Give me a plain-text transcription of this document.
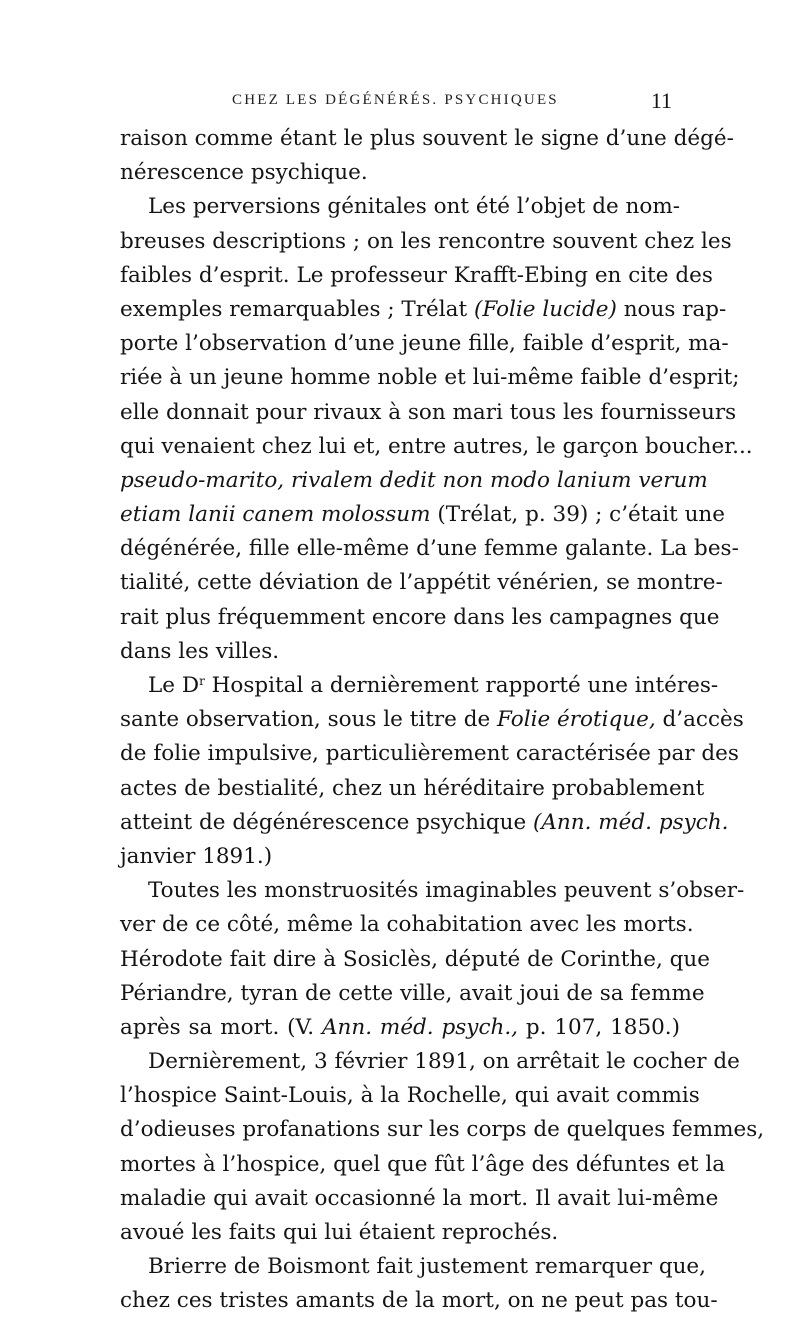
CHEZ LES DÉGÉNÉRÉS. PSYCHIQUES	11
raison comme étant le plus souvent le signe d’une dégé-
nérescence psychique.
Les perversions génitales ont été l’objet de nom-
breuses descriptions ; on les rencontre souvent chez les
faibles d’esprit. Le professeur Krafft-Ebing en cite des
exemples remarquables ; Trélat (Folie lucide) nous rap-
porte l’observation d’une jeune fille, faible d’esprit, ma-
riée à un jeune homme noble et lui-même faible d’esprit;
elle donnait pour rivaux à son mari tous les fournisseurs
qui venaient chez lui et, entre autres, le garçon boucher...
pseudo-marito, rivalem dedit non modo lanium verum
etiam lanii canem molossum (Trélat, p. 39) ; c’était une
dégénérée, fille elle-même d’une femme galante. La bes-
tialité, cette déviation de l’appétit vénérien, se montre-
rait plus fréquemment encore dans les campagnes que
dans les villes.
Le $D^r$ Hospital a dernièrement rapporté une intéres-
sante observation, sous le titre de Folie érotique, d’accès
de folie impulsive, particulièrement caractérisée par des
actes de bestialité, chez un héréditaire probablement
atteint de dégénérescence psychique (Ann. méd. psych.
janvier 1891.)
Toutes les monstruosités imaginables peuvent s’obser-
ver de ce côté, même la cohabitation avec les morts.
Hérodote fait dire à Sosiclès, député de Corinthe, que
Périandre, tyran de cette ville, avait joui de sa femme
après sa mort. (V. Ann. méd. psych., p. 107, 1850.)
Dernièrement, 3 février 1891, on arrêtait le cocher de
l’hospice Saint-Louis, à la Rochelle, qui avait commis
d’odieuses profanations sur les corps de quelques femmes,
mortes à l’hospice, quel que fût l’âge des défuntes et la
maladie qui avait occasionné la mort. Il avait lui-même
avoué les faits qui lui étaient reprochés.
Brierre de Boismont fait justement remarquer que,
chez ces tristes amants de la mort, on ne peut pas tou-
